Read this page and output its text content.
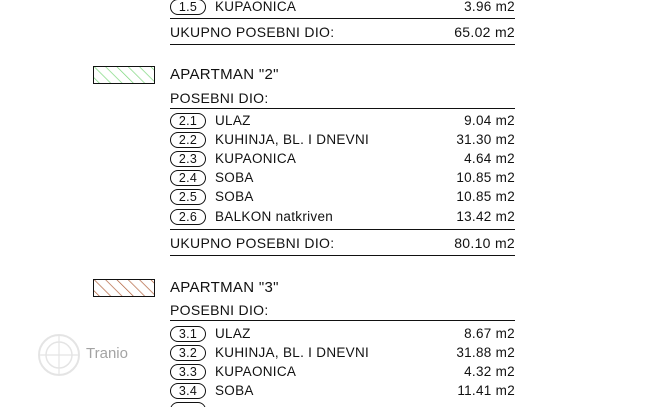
1.5	KUPAONICA	3.96 m2
UKUPNO POSEBNI DIO:	65.02 m2
APARTMAN "2"
POSEBNI DIO:
2.1	ULAZ	9.04 m2
2.2	KUHINJA, BL. I DNEVNI	31.30 m2
2.3	KUPAONICA	4.64 m2
2.4	SOBA	10.85 m2
2.5	SOBA	10.85 m2
2.6	BALKON natkriven	13.42 m2
UKUPNO POSEBNI DIO:	80.10 m2
APARTMAN "3"
POSEBNI DIO:
3.1	ULAZ	8.67 m2
3.2	KUHINJA, BL. I DNEVNI	31.88 m2
3.3	KUPAONICA	4.32 m2
3.4	SOBA	11.41 m2
Tranio
